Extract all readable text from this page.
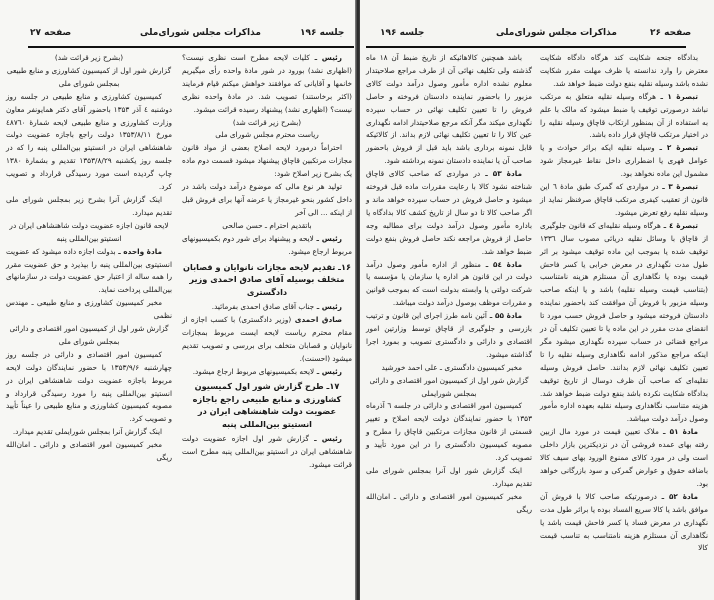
صفحه ۲۷	مذاکرات مجلس شورای‌ملی	جلسه ۱۹۶

رئیس ـ کلیات لایحه مطرح است نظری نیست؟ (اظهاری نشد) بورود در شور مادهٔ واحده رأی میگیریم خانمها و آقایانی که موافقند خواهش میکنم قیام فرمایند (اکثر برخاستند) تصویب شد. در مادهٔ واحده نظری نیست؟ (اظهاری نشد) پیشنهاد رسیده قرائت میشود.

(بشرح زیر قرائت شد)

ریاست محترم مجلس شورای ملی

احتراماً درمورد لایحه اصلاح بعضی از مواد قانون مجازات مرتکبین قاچاق پیشنهاد میشود قسمت دوم ماده یک بشرح زیر اصلاح شود:

تولید هر نوع مالی که موضوع درآمد دولت باشد در داخل کشور بنحو غیرمجاز یا عرضه آنها برای فروش قبل از اینکه ... الی آخر

باتقدیم احترام ـ حسن صالحی

رئیس ـ لایحه و پیشنهاد برای شور دوم بکمیسیونهای مربوط ارجاع میشود.

۱۶ـ تقدیم لایحه مجازات نانوایان و قصابان متخلف بوسیله آقای صادق احمدی وزیر دادگستری

رئیس ـ جناب آقای صادق احمدی بفرمائید.

صادق احمدی (وزیر دادگستری) با کسب اجازه از مقام محترم ریاست لایحه ایست مربوط بمجازات نانوایان و قصابان متخلف برای بررسی و تصویب تقدیم میشود (احسنت).

رئیس ـ لایحه بکمیسیونهای مربوط ارجاع میشود.

۱۷ـ طرح گزارش شور اول کمیسیون کشاورزی و منابع طبیعی راجع باجازه عضویت دولت شاهنشاهی ایران در انستیتو بین‌المللی پنبه

رئیس ـ گزارش شور اول اجازه عضویت دولت شاهنشاهی ایران در انستیتو بین‌المللی پنبه مطرح است قرائت میشود.

(بشرح زیر قرائت شد)

گزارش شور اول از کمیسیون کشاورزی و منابع طبیعی بمجلس شورای ملی

کمیسیون کشاورزی و منابع طبیعی در جلسه روز دوشنبه ٤ آذر ۱۳۵۳ باحضور آقای دکتر همایونفر معاون وزارت کشاورزی و منابع طبیعی لایحه شمارهٔ ٤٨٧٦٠ مورخ ۱۳۵۳/۸/۱۱ دولت راجع باجازه عضویت دولت شاهنشاهی ایران در انستیتو بین‌المللی پنبه را که در جلسه روز یکشنبه ۱۳۵۳/۸/۲۹ تقدیم و بشمارهٔ ۱۳۸۰ چاپ گردیده است مورد رسیدگی قرارداد و تصویب کرد.

اینک گزارش آنرا بشرح زیر بمجلس شورای ملی تقدیم میدارد.

لایحه قانون اجازه عضویت دولت شاهنشاهی ایران در انستیتو بین‌المللی پنبه

مادهٔ واحده ـ بدولت اجازه داده میشود که عضویت انستیتوی بین‌المللی پنبه را بپذیرد و حق عضویت مقرر را همه ساله از اعتبار حق عضویت دولت در سازمانهای بین‌المللی پرداخت نماید.

مخبر کمیسیون کشاورزی و منابع طبیعی ـ مهندس نظمی

گزارش شور اول از کمیسیون امور اقتصادی و دارائی بمجلس شورای ملی

کمیسیون امور اقتصادی و دارائی در جلسه روز چهارشنبه ۱۳۵۳/۹/۶ با حضور نمایندگان دولت لایحه مربوط باجازه عضویت دولت شاهنشاهی ایران در انستیتو بین‌المللی پنبه را مورد رسیدگی قرارداد و مصوبه کمیسیون کشاورزی و منابع طبیعی را عیناً تأیید و تصویب کرد.

اینک گزارش آنرا بمجلس شورایملی تقدیم میدارد.

مخبر کمیسیون امور اقتصادی و دارائی ـ امان‌الله ریگی

جلسه ۱۹۶	مذاکرات مجلس شورای‌ملی	صفحه ۲۶

بدادگاه جنحه شکایت کند هرگاه دادگاه شکایت معترض را وارد ندانسته یا ظرف مهلت مقرر شکایت نشده باشد وسیله نقلیه بنفع دولت ضبط خواهد شد.

تبصرهٔ ۱ ـ هرگاه وسیله نقلیه متعلق به مرتکب نباشد درصورتی توقیف یا ضبط میشود که مالک با علم به استفاده از آن بمنظور ارتکاب قاچاق وسیله نقلیه را در اختیار مرتکب قاچاق قرار داده باشد.

تبصرهٔ ۲ ـ وسیله نقلیه ایکه براثر حوادث و یا عوامل قهری یا اضطراری داخل نقاط غیرمجاز شود مشمول این ماده نخواهد بود.

تبصرهٔ ۳ ـ در مواردی که گمرک طبق مادهٔ ٦ این قانون از تعقیب کیفری مرتکب قاچاق صرفنظر نماید از وسیله نقلیه رفع تعرض میشود.

تبصرهٔ ٤ ـ هرگاه وسیله نقلیه‌ای که قانون جلوگیری از قاچاق با وسائل نقلیه دریائی مصوب سال ۱۳۳٦ توقیف شده یا بموجب این ماده توقیف میشود بر اثر طول مدت نگهداری در معرض خرابی یا کسر فاحش قیمت بوده یا نگاهداری آن مستلزم هزینه نامتناسب (بتناسب قیمت وسیله نقلیه) باشد و یا اینکه صاحب وسیله مزبور با فروش آن موافقت کند باحضور نماینده دادستان فروخته میشود و حاصل فروش حسب مورد تا انقضای مدت مقرر در این ماده یا تا تعیین تکلیف آن در مراجع قضائی در حساب سپرده نگهداری میشود مگر اینکه مراجع مذکور ادامه نگاهداری وسیله نقلیه را تا تعیین تکلیف نهائی لازم بدانند. حاصل فروش وسیله نقلیه‌ای که صاحب آن ظرف دوسال از تاریخ توقیف بدادگاه شکایت نکرده باشد بنفع دولت ضبط خواهد شد. هزینه متناسب نگاهداری وسیله نقلیه بعهده اداره مأمور وصول درآمد دولت میباشد.

مادهٔ ۵۱ ـ ملاک تعیین قیمت در مورد مال ازبین رفته بهای عمده فروشی آن در نزدیکترین بازار داخلی است ولی در مورد کالای ممنوع الورود بهای سیف کالا باضافه حقوق و عوارض گمرکی و سود بازرگانی خواهد بود.

مادهٔ ۵۲ ـ درصورتیکه صاحب کالا با فروش آن موافق باشد یا کالا سریع الفساد بوده یا براثر طول مدت نگهداری در معرض فساد یا کسر فاحش قیمت باشد یا نگاهداری آن مستلزم هزینه نامتناسب به تناسب قیمت کالا

باشد همچنین کالاهائیکه از تاریخ ضبط آن ۱۸ ماه گذشته ولی تکلیف نهائی آن از طرف مراجع صلاحیتدار معلوم نشده اداره مأمور وصول درآمد دولت کالای مزبور را باحضور نماینده دادستان فروخته و حاصل فروش را تا تعیین تکلیف نهائی در حساب سپرده نگهداری میکند مگر آنکه مرجع صلاحیتدار ادامه نگهداری عین کالا را تا تعیین تکلیف نهائی لازم بداند. از کالائیکه قابل نمونه برداری باشد باید قبل از فروش باحضور صاحب آن یا نماینده دادستان نمونه برداشته شود.

مادهٔ ۵۳ ـ در مواردی که صاحب کالای قاچاق شناخته نشود کالا با رعایت مقررات ماده قبل فروخته میشود و حاصل فروش در حساب سپرده خواهد ماند و اگر صاحب کالا تا دو سال از تاریخ کشف کالا بدادگاه یا باداره مأمور وصول درآمد دولت برای مطالبه وجه حاصل از فروش مراجعه نکند حاصل فروش بنفع دولت ضبط خواهد شد.

مادهٔ ۵٤ ـ منظور از اداره مأمور وصول درآمد دولت در این قانون هر اداره یا سازمان یا مؤسسه یا شرکت دولتی یا وابسته بدولت است که بموجب قوانین و مقررات موظف بوصول درآمد دولت میباشد.

مادهٔ ۵۵ ـ آئین نامه طرز اجرای این قانون و ترتیب بازرسی و جلوگیری از قاچاق توسط وزارتین امور اقتصادی و دارائی و دادگستری تصویب و بمورد اجرا گذاشته میشود.

مخبر کمیسیون دادگستری ـ علی احمد خورشید

گزارش شور اول از کمیسیون امور اقتصادی و دارائی بمجلس شورایملی

کمیسیون امور اقتصادی و دارائی در جلسه ٦ آذرماه ۱۳۵۳ با حضور نمایندگان دولت لایحه اصلاح و تغییر قسمتی از قانون مجازات مرتکبین قاچاق را مطرح و مصوبه کمیسیون دادگستری را در این مورد تأیید و تصویب کرد.

اینک گزارش شور اول آنرا بمجلس شورای ملی تقدیم میدارد.

مخبر کمیسیون امور اقتصادی و دارائی ـ امان‌الله ریگی
